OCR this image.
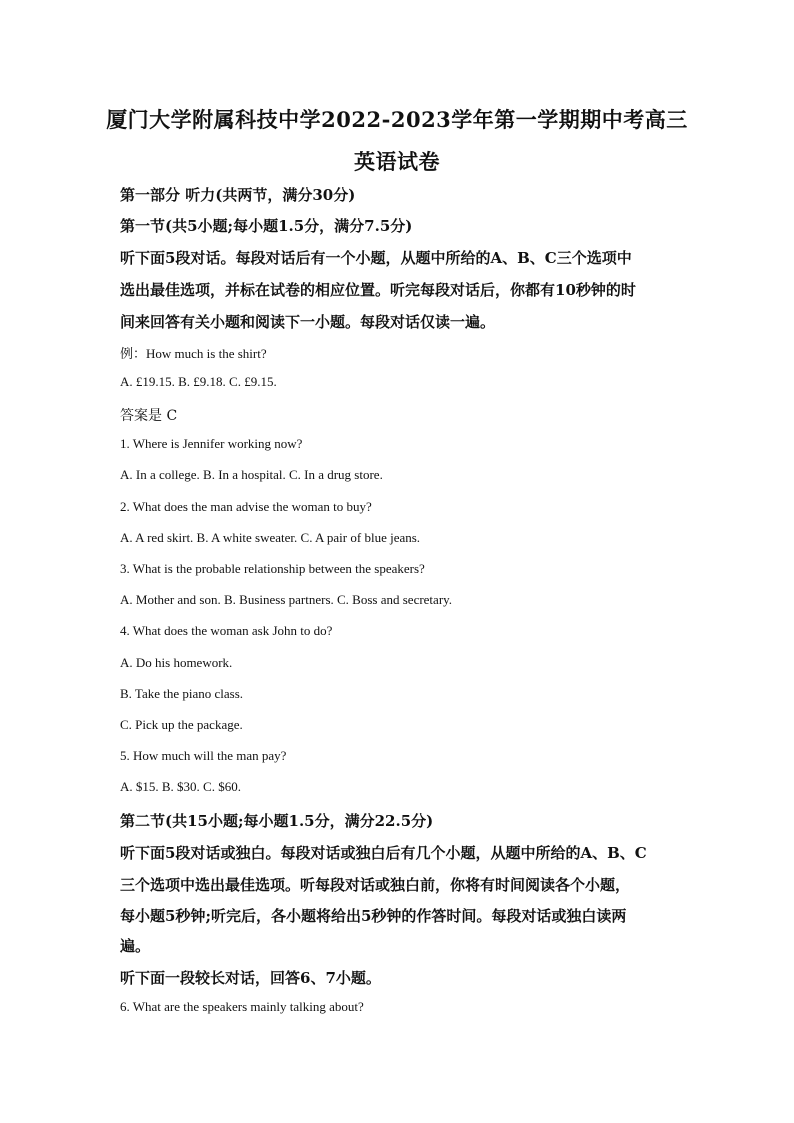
厦门大学附属科技中学2022-2023学年第一学期期中考高三
英语试卷
第一部分 听力(共两节，满分30分)
第一节(共5小题;每小题1.5分，满分7.5分)
听下面5段对话。每段对话后有一个小题，从题中所给的A、B、C三个选项中
选出最佳选项，并标在试卷的相应位置。听完每段对话后，你都有10秒钟的时
间来回答有关小题和阅读下一小题。每段对话仅读一遍。
例：How much is the shirt?
A. £19.15. B. £9.18. C. £9.15.
答案是 C
1. Where is Jennifer working now?
A. In a college. B. In a hospital. C. In a drug store.
2. What does the man advise the woman to buy?
A. A red skirt. B. A white sweater. C. A pair of blue jeans.
3. What is the probable relationship between the speakers?
A. Mother and son. B. Business partners. C. Boss and secretary.
4. What does the woman ask John to do?
A. Do his homework.
B. Take the piano class.
C. Pick up the package.
5. How much will the man pay?
A. $15. B. $30. C. $60.
第二节(共15小题;每小题1.5分，满分22.5分)
听下面5段对话或独白。每段对话或独白后有几个小题，从题中所给的A、B、C
三个选项中选出最佳选项。听每段对话或独白前，你将有时间阅读各个小题，
每小题5秒钟;听完后，各小题将给出5秒钟的作答时间。每段对话或独白读两
遍。
听下面一段较长对话，回答6、7小题。
6. What are the speakers mainly talking about?
